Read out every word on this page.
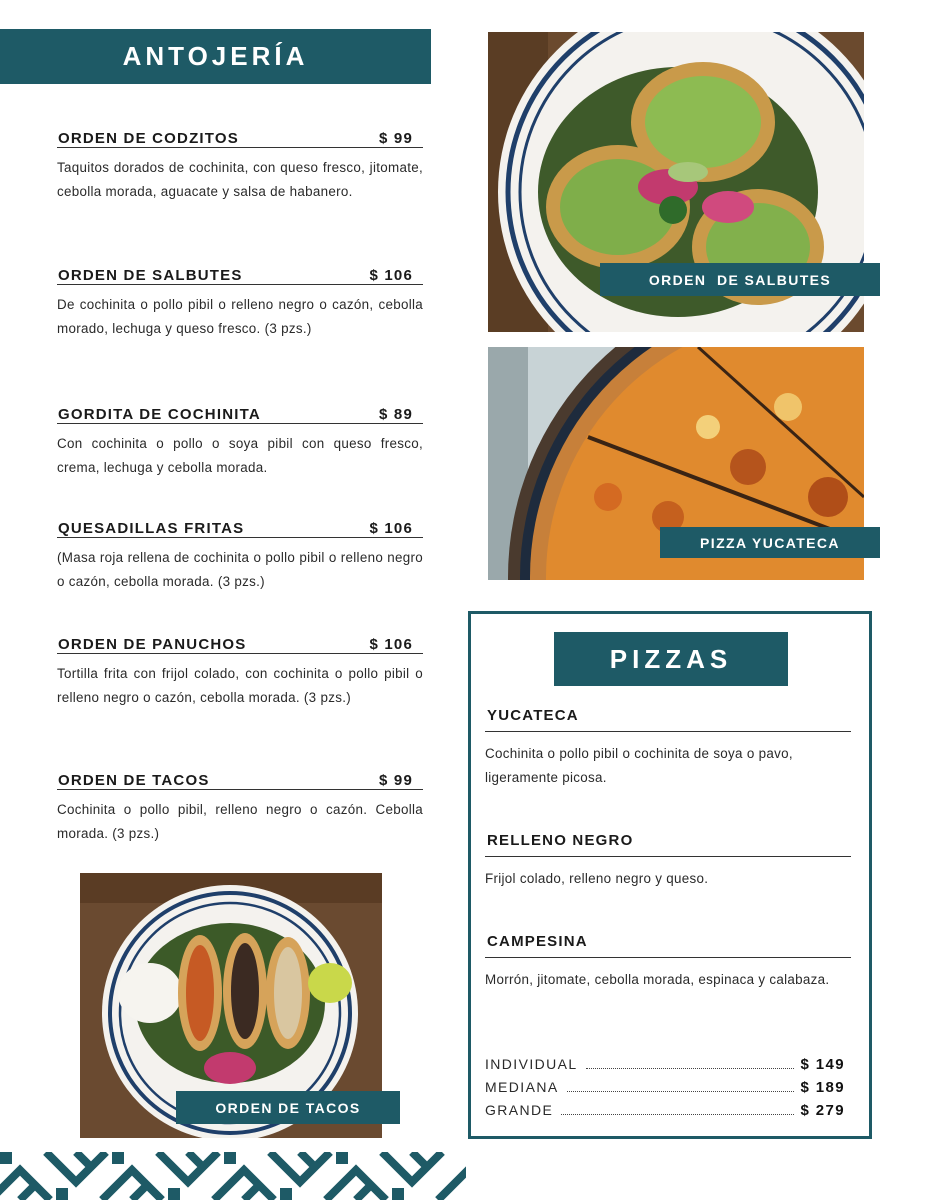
ANTOJERÍA
ORDEN DE CODZITOS	$ 99
Taquitos dorados de cochinita, con queso fresco, jitomate, cebolla morada, aguacate y salsa de habanero.
ORDEN DE SALBUTES	$ 106
De cochinita o pollo pibil o relleno negro o cazón, cebolla morado, lechuga y queso fresco. (3 pzs.)
GORDITA DE COCHINITA	$ 89
Con cochinita o pollo o soya pibil con queso fresco, crema, lechuga y cebolla morada.
QUESADILLAS FRITAS	$ 106
(Masa roja rellena de cochinita o pollo pibil o relleno negro o cazón, cebolla morada. (3 pzs.)
ORDEN DE PANUCHOS	$ 106
Tortilla frita con frijol colado, con cochinita o pollo pibil o relleno negro o cazón, cebolla morada. (3 pzs.)
ORDEN DE TACOS	$ 99
Cochinita o pollo pibil, relleno negro o cazón. Cebolla morada. (3 pzs.)
ORDEN  DE SALBUTES
PIZZA YUCATECA
ORDEN DE TACOS
PIZZAS
YUCATECA
Cochinita o pollo pibil o cochinita de soya o pavo, ligeramente picosa.
RELLENO NEGRO
Frijol colado, relleno negro y queso.
CAMPESINA
Morrón, jitomate, cebolla morada, espinaca y calabaza.
INDIVIDUAL	$ 149
MEDIANA	$ 189
GRANDE	$ 279
